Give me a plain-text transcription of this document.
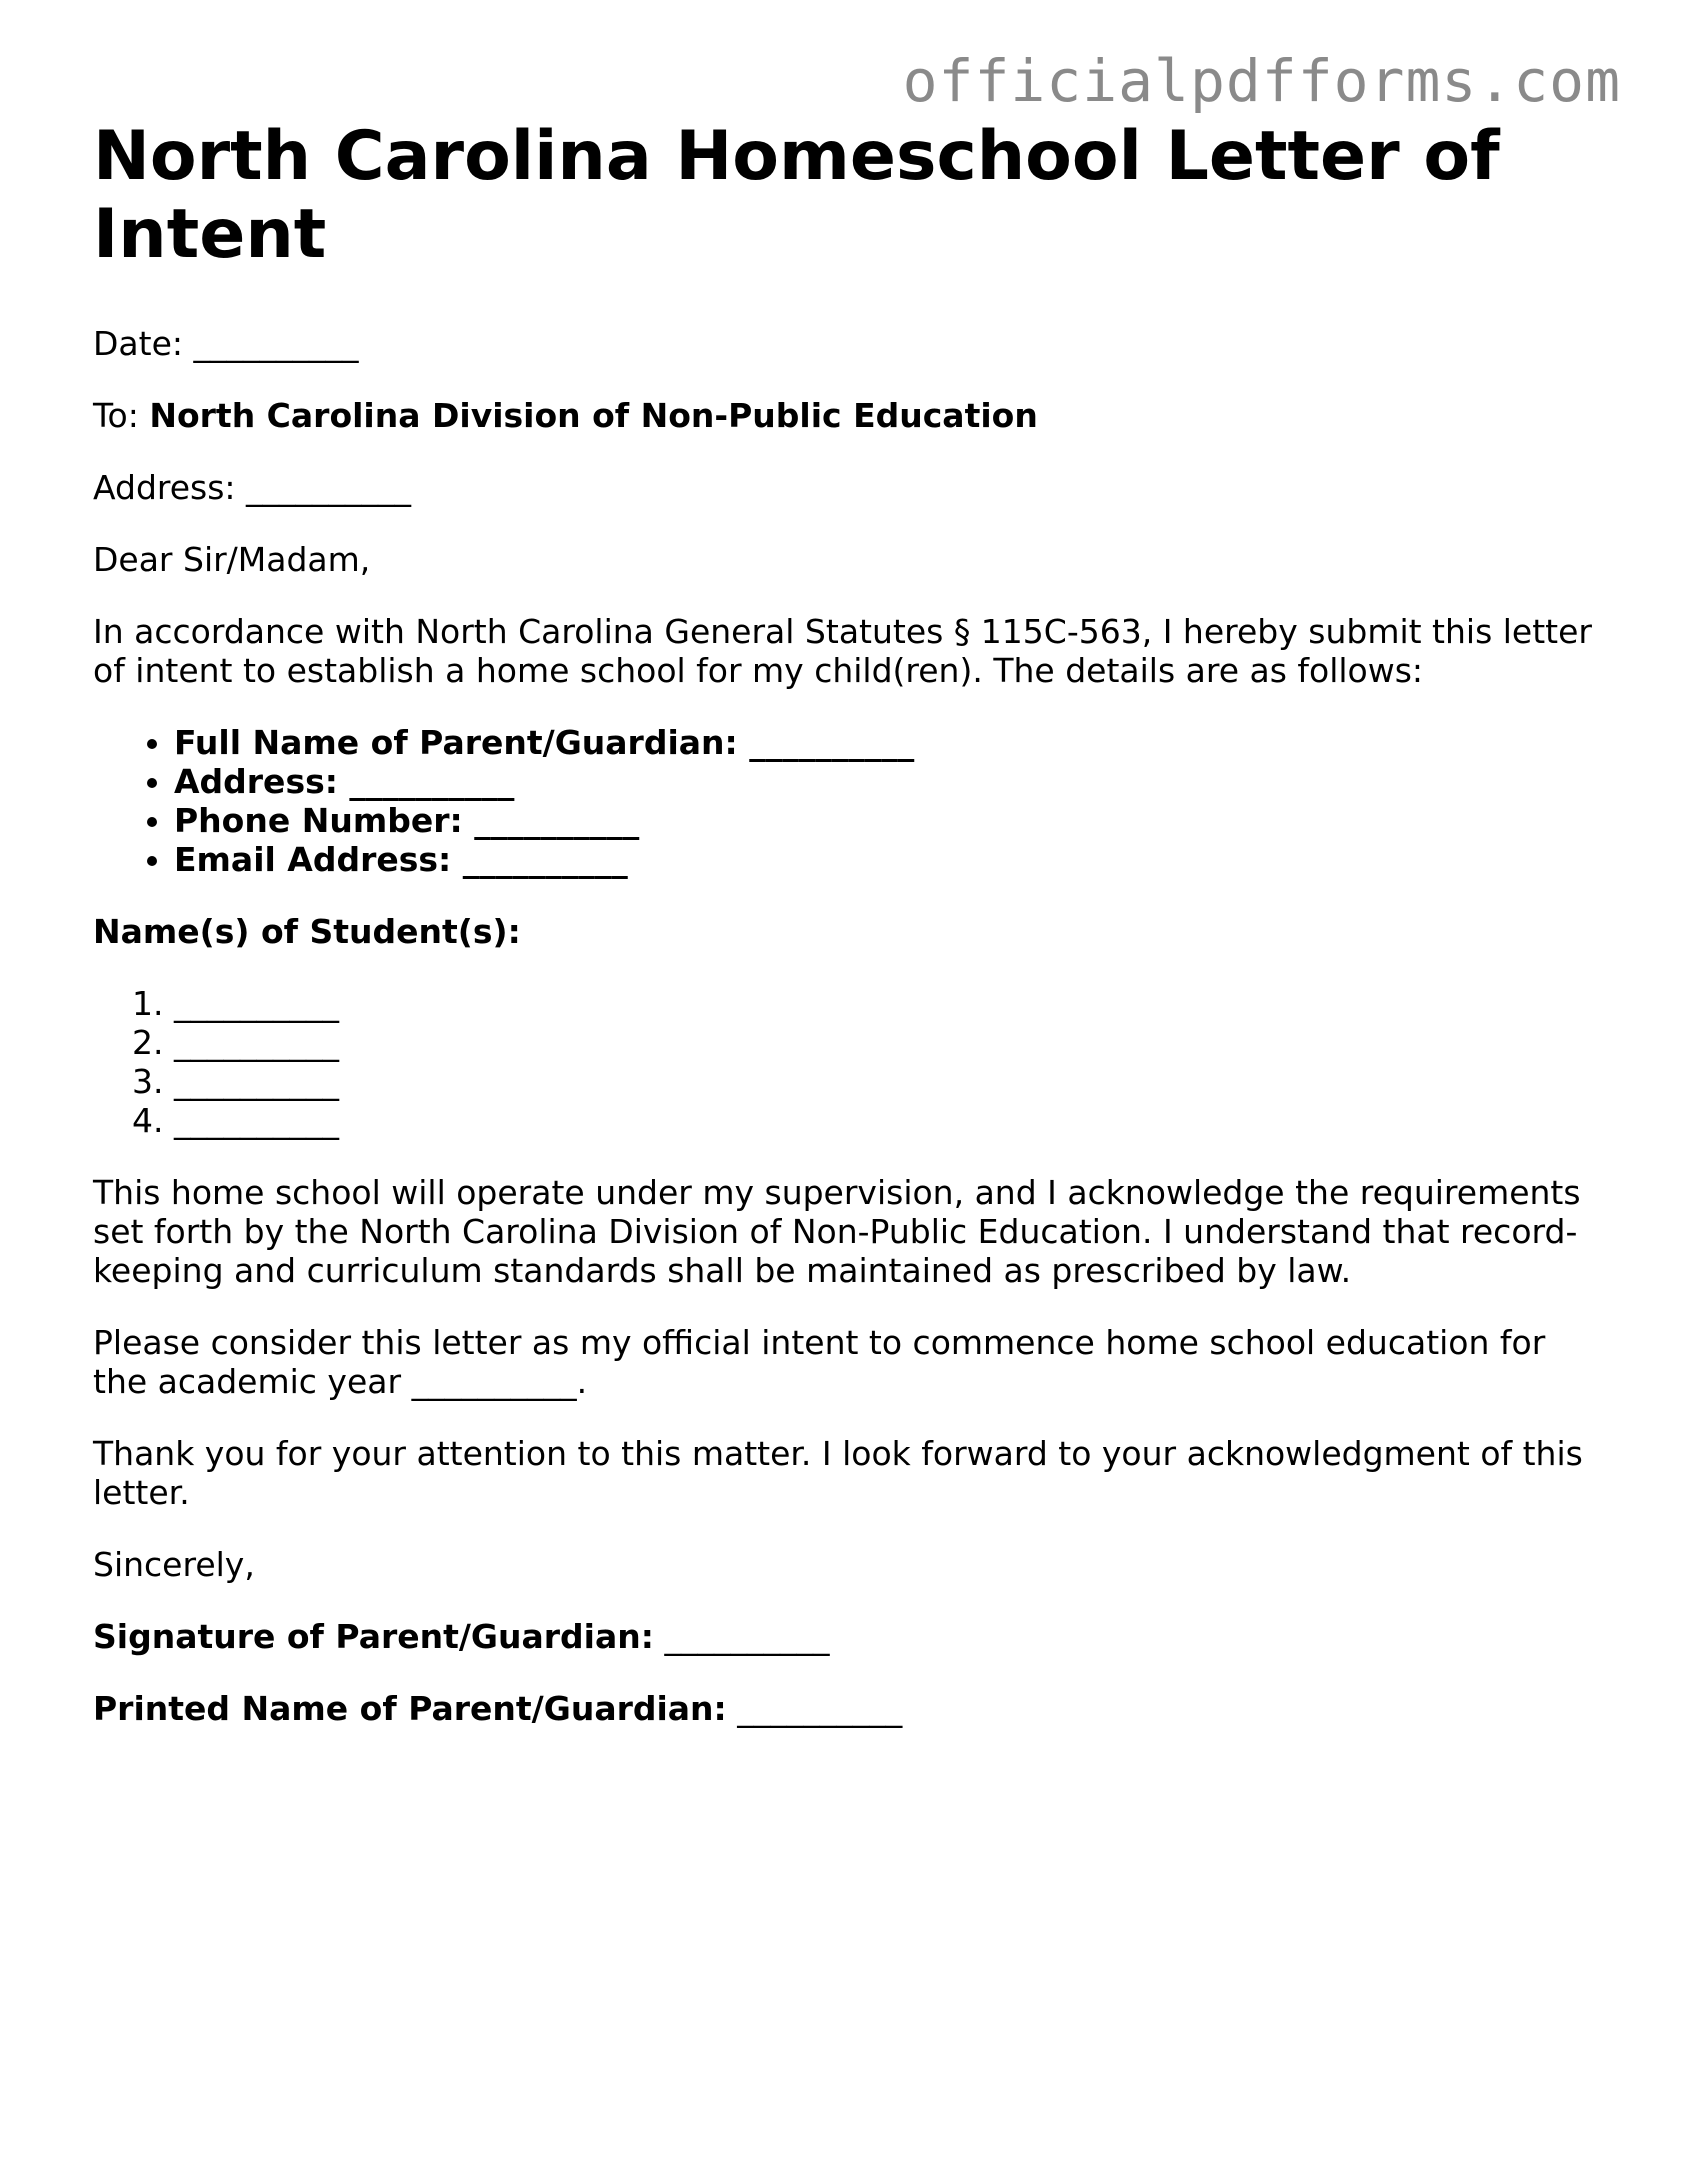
officialpdfforms.com
North Carolina Homeschool Letter of Intent

Date: __________

To: North Carolina Division of Non-Public Education

Address: __________

Dear Sir/Madam,

In accordance with North Carolina General Statutes § 115C-563, I hereby submit this letter of intent to establish a home school for my child(ren). The details are as follows:

• Full Name of Parent/Guardian: __________
• Address: __________
• Phone Number: __________
• Email Address: __________

Name(s) of Student(s):

1. __________
2. __________
3. __________
4. __________

This home school will operate under my supervision, and I acknowledge the requirements set forth by the North Carolina Division of Non-Public Education. I understand that record-keeping and curriculum standards shall be maintained as prescribed by law.

Please consider this letter as my official intent to commence home school education for the academic year __________.

Thank you for your attention to this matter. I look forward to your acknowledgment of this letter.

Sincerely,

Signature of Parent/Guardian: __________

Printed Name of Parent/Guardian: __________
